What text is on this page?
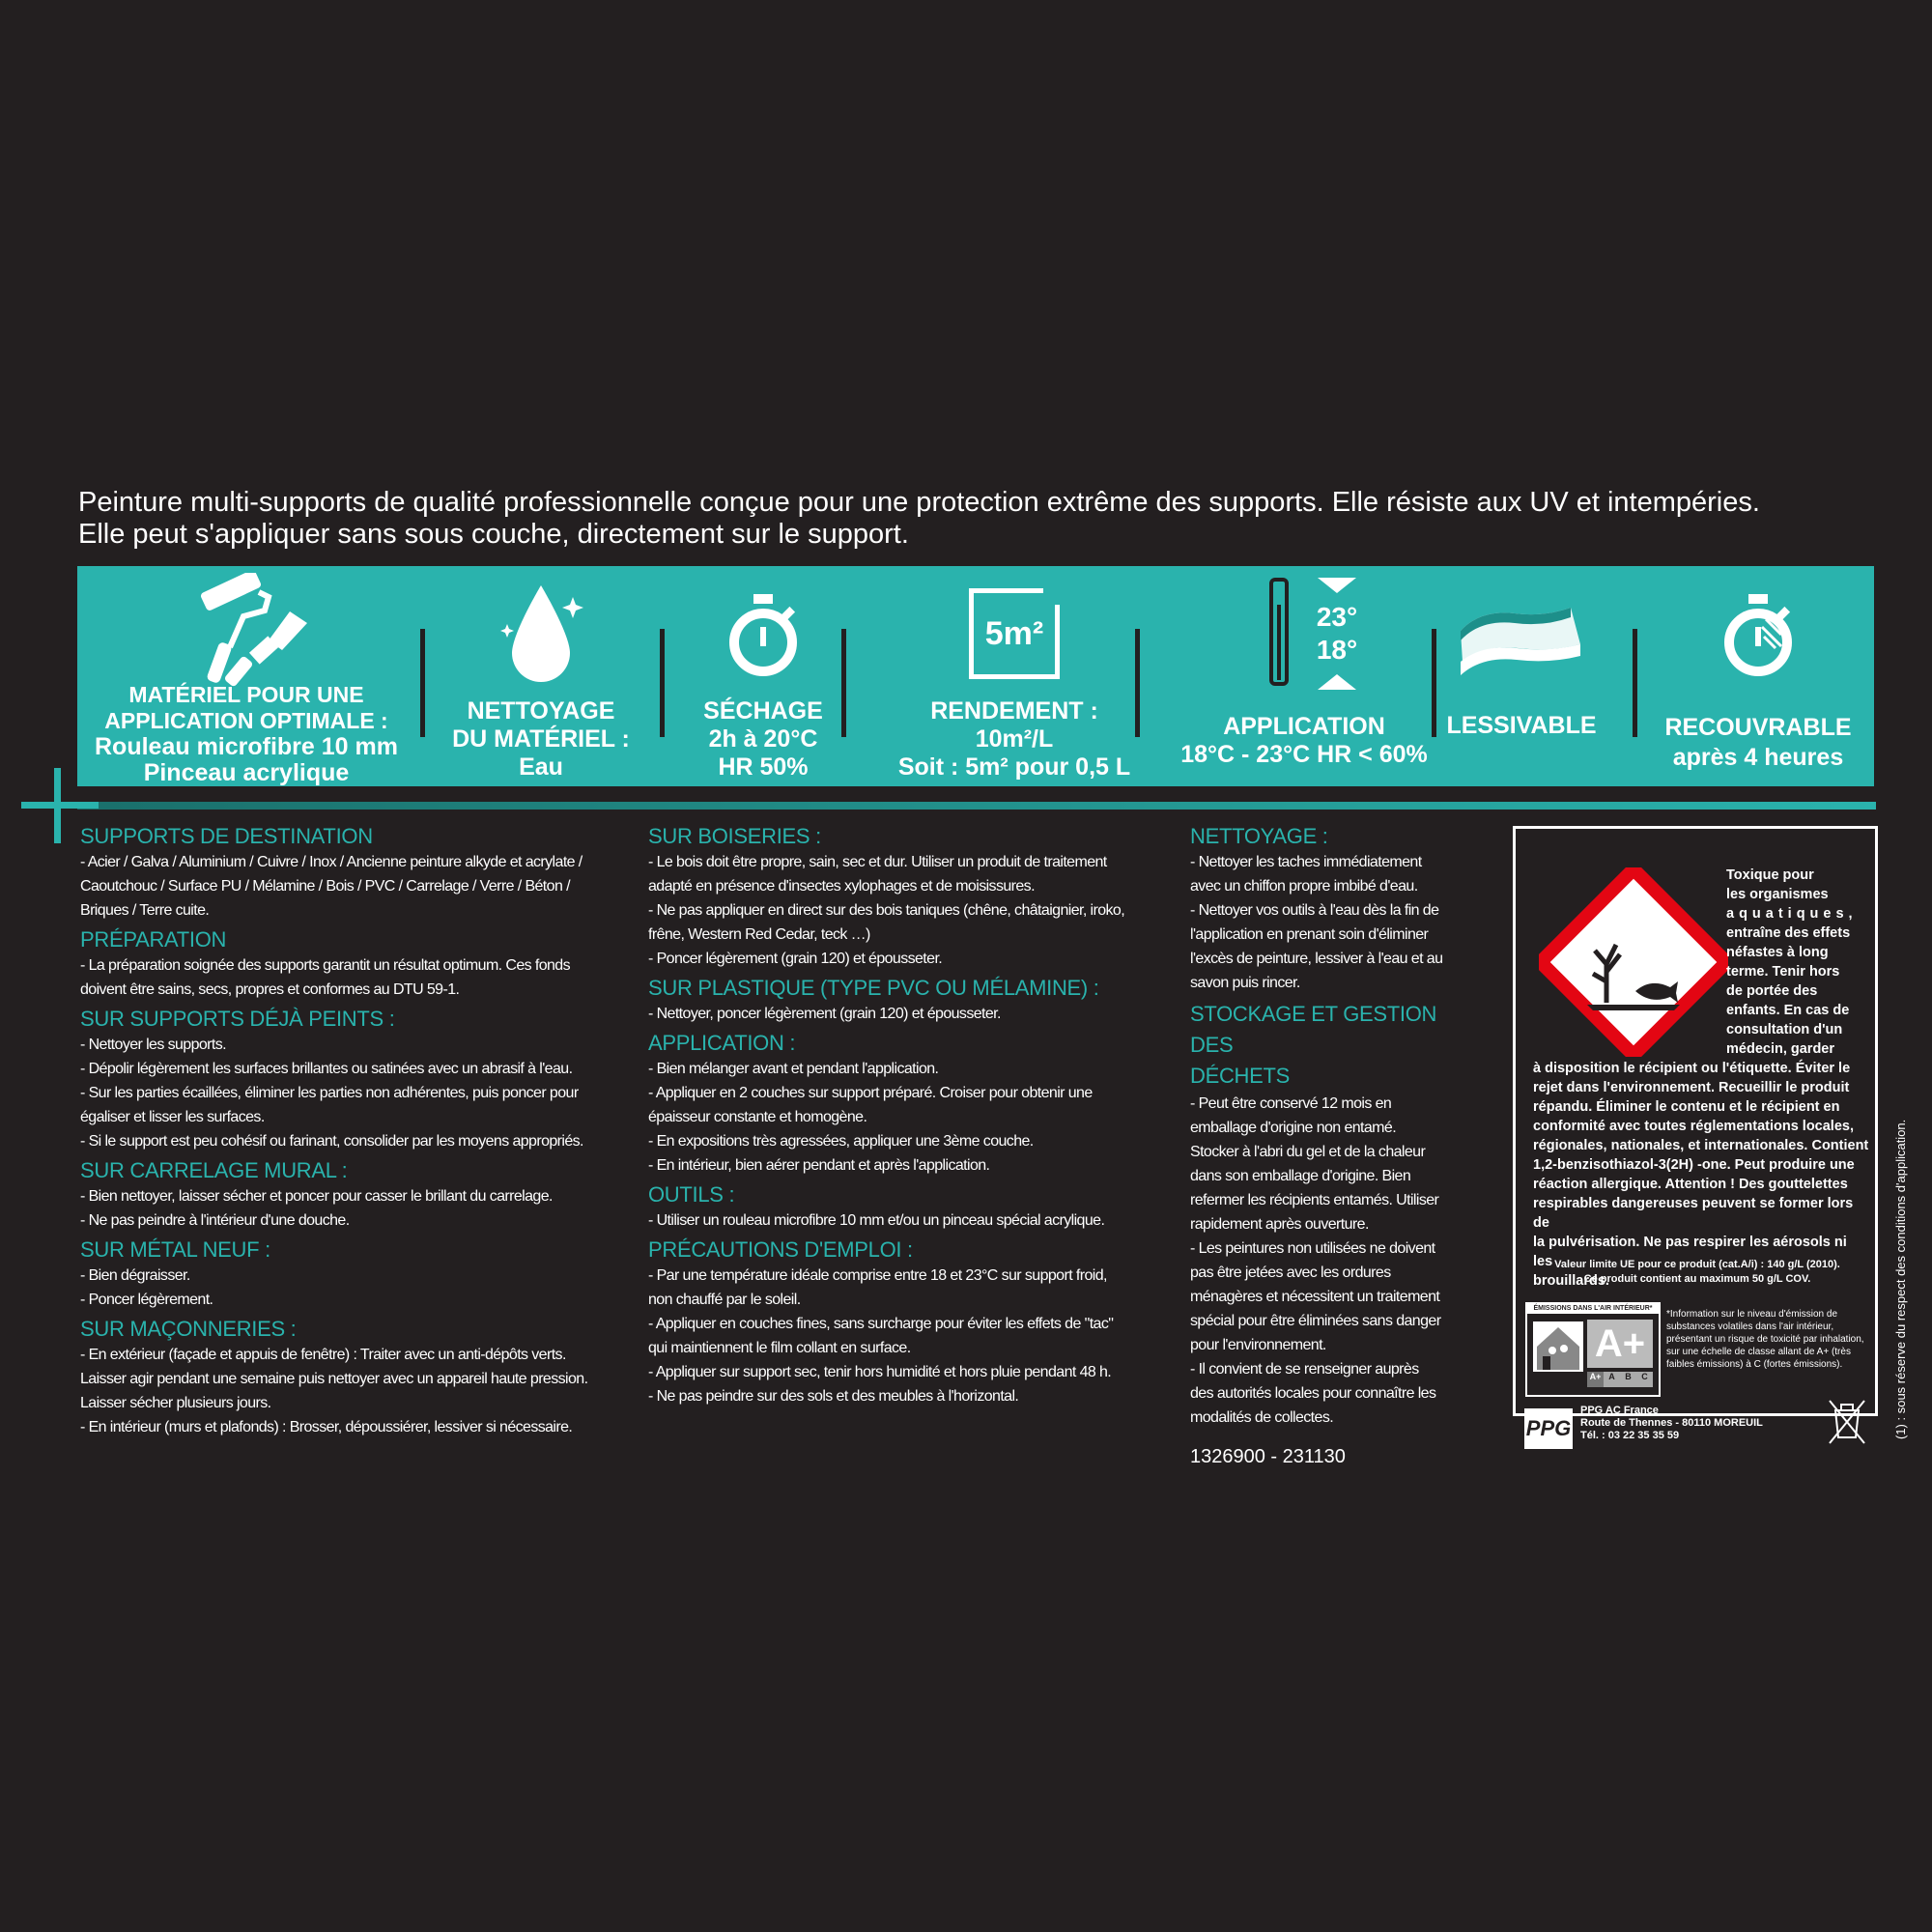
Peinture multi-supports de qualité professionnelle conçue pour une protection extrême des supports. Elle résiste aux UV et intempéries.
Elle peut s'appliquer sans sous couche, directement sur le support.
MATÉRIEL POUR UNE
APPLICATION OPTIMALE :
Rouleau microfibre 10 mm
Pinceau acrylique
NETTOYAGE
DU MATÉRIEL :
Eau
SÉCHAGE
2h à 20°C
HR 50%
5m²
RENDEMENT :
10m²/L
Soit : 5m² pour 0,5 L
23°
18°
APPLICATION
18°C - 23°C HR < 60%
LESSIVABLE	RECOUVRABLE
après 4 heures
SUPPORTS DE DESTINATION

- Acier / Galva / Aluminium / Cuivre / Inox / Ancienne peinture alkyde et acrylate /

Caoutchouc / Surface PU / Mélamine / Bois / PVC / Carrelage / Verre / Béton /

Briques / Terre cuite.

PRÉPARATION

- La préparation soignée des supports garantit un résultat optimum. Ces fonds

doivent être sains, secs, propres et conformes au DTU 59-1.

SUR SUPPORTS DÉJÀ PEINTS :

- Nettoyer les supports.

- Dépolir légèrement les surfaces brillantes ou satinées avec un abrasif à l'eau.

- Sur les parties écaillées, éliminer les parties non adhérentes, puis poncer pour

égaliser et lisser les surfaces.

- Si le support est peu cohésif ou farinant, consolider par les moyens appropriés.

SUR CARRELAGE MURAL :

- Bien nettoyer, laisser sécher et poncer pour casser le brillant du carrelage.

- Ne pas peindre à l'intérieur d'une douche.

SUR MÉTAL NEUF :

- Bien dégraisser.

- Poncer légèrement.

SUR MAÇONNERIES :

- En extérieur (façade et appuis de fenêtre) : Traiter avec un anti-dépôts verts.

Laisser agir pendant une semaine puis nettoyer avec un appareil haute pression.

Laisser sécher plusieurs jours.

- En intérieur (murs et plafonds) : Brosser, dépoussiérer, lessiver si nécessaire.

SUR BOISERIES :

- Le bois doit être propre, sain, sec et dur. Utiliser un produit de traitement

adapté en présence d'insectes xylophages et de moisissures.

- Ne pas appliquer en direct sur des bois taniques (chêne, châtaignier, iroko,

frêne, Western Red Cedar, teck …)

- Poncer légèrement (grain 120) et épousseter.

SUR PLASTIQUE (TYPE PVC OU MÉLAMINE) :

- Nettoyer, poncer légèrement (grain 120) et épousseter.

APPLICATION :

- Bien mélanger avant et pendant l'application.

- Appliquer en 2 couches sur support préparé. Croiser pour obtenir une

épaisseur constante et homogène.

- En expositions très agressées, appliquer une 3ème couche.

- En intérieur, bien aérer pendant et après l'application.

OUTILS :

- Utiliser un rouleau microfibre 10 mm et/ou un pinceau spécial acrylique.

PRÉCAUTIONS D'EMPLOI :

- Par une température idéale comprise entre 18 et 23°C sur support froid,

non chauffé par le soleil.

- Appliquer en couches fines, sans surcharge pour éviter les effets de "tac"

qui maintiennent le film collant en surface.

- Appliquer sur support sec, tenir hors humidité et hors pluie pendant 48 h.

- Ne pas peindre sur des sols et des meubles à l'horizontal.

NETTOYAGE :

- Nettoyer les taches immédiatement

avec un chiffon propre imbibé d'eau.

- Nettoyer vos outils à l'eau dès la fin de

l'application en prenant soin d'éliminer

l'excès de peinture, lessiver à l'eau et au

savon puis rincer.

STOCKAGE ET GESTION DES
DÉCHETS

- Peut être conservé 12 mois en

emballage d'origine non entamé.

Stocker à l'abri du gel et de la chaleur

dans son emballage d'origine. Bien

refermer les récipients entamés. Utiliser

rapidement après ouverture.

- Les peintures non utilisées ne doivent

pas être jetées avec les ordures

ménagères et nécessitent un traitement

spécial pour être éliminées sans danger

pour l'environnement.

- Il convient de se renseigner auprès

des autorités locales pour connaître les

modalités de collectes.

1326900 - 231130

Toxique pour
les organismes
aquatiques,
entraîne des effets
néfastes à long
terme. Tenir hors
de portée des
enfants. En cas de
consultation d'un
médecin, garder
à disposition le récipient ou l'étiquette. Éviter le
rejet dans l'environnement. Recueillir le produit
répandu. Éliminer le contenu et le récipient en
conformité avec toutes réglementations locales,
régionales, nationales, et internationales. Contient
1,2-benzisothiazol-3(2H) -one. Peut produire une
réaction allergique. Attention ! Des gouttelettes
respirables dangereuses peuvent se former lors de
la pulvérisation. Ne pas respirer les aérosols ni les
brouillards.
Valeur limite UE pour ce produit (cat.A/i) : 140 g/L (2010).
Ce produit contient au maximum 50 g/L COV.
ÉMISSIONS DANS L'AIR INTÉRIEUR*
A+
A+ A	B	C
*Information sur le niveau d'émission de
substances volatiles dans l'air intérieur,
présentant un risque de toxicité par inhalation,
sur une échelle de classe allant de A+ (très
faibles émissions) à C (fortes émissions).
PPG
PPG AC France
Route de Thennes - 80110 MOREUIL
Tél. : 03 22 35 35 59	(1) : sous réserve du respect des conditions d'application.
